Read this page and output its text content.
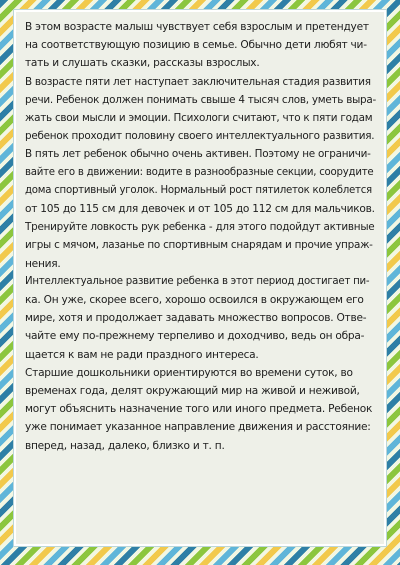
В этом возрасте малыш чувствует себя взрослым и претендует
на соответствующую позицию в семье. Обычно дети любят чи-
тать и слушать сказки, рассказы взрослых.
В возрасте пяти лет наступает заключительная стадия развития
речи. Ребенок должен понимать свыше 4 тысяч слов, уметь выра-
жать свои мысли и эмоции. Психологи считают, что к пяти годам
ребенок проходит половину своего интеллектуального развития.
В пять лет ребенок обычно очень активен. Поэтому не ограничи-
вайте его в движении: водите в разнообразные секции, соорудите
дома спортивный уголок. Нормальный рост пятилеток колеблется
от 105 до 115 см для девочек и от 105 до 112 см для мальчиков.
Тренируйте ловкость рук ребенка - для этого подойдут активные
игры с мячом, лазанье по спортивным снарядам и прочие упраж-
нения.
Интеллектуальное развитие ребенка в этот период достигает пи-
ка. Он уже, скорее всего, хорошо освоился в окружающем его
мире, хотя и продолжает задавать множество вопросов. Отве-
чайте ему по-прежнему терпеливо и доходчиво, ведь он обра-
щается к вам не ради праздного интереса.
Старшие дошкольники ориентируются во времени суток, во
временах года, делят окружающий мир на живой и неживой,
могут объяснить назначение того или иного предмета. Ребенок
уже понимает указанное направление движения и расстояние:
вперед, назад, далеко, близко и т. п.
